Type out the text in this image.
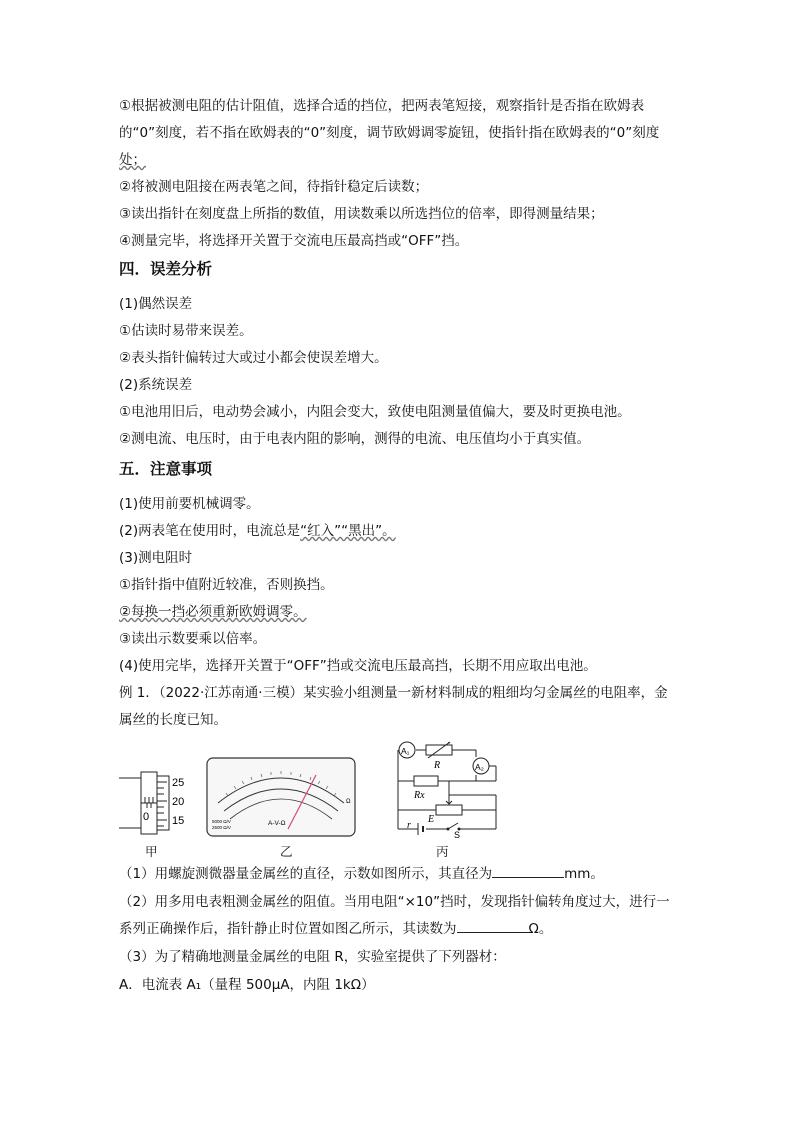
①根据被测电阻的估计阻值，选择合适的挡位，把两表笔短接，观察指针是否指在欧姆表
的“0”刻度，若不指在欧姆表的“0”刻度，调节欧姆调零旋钮，使指针指在欧姆表的“0”刻度
处；
②将被测电阻接在两表笔之间，待指针稳定后读数；
③读出指针在刻度盘上所指的数值，用读数乘以所选挡位的倍率，即得测量结果；
④测量完毕，将选择开关置于交流电压最高挡或“OFF”挡。
四．误差分析
(1)偶然误差
①估读时易带来误差。
②表头指针偏转过大或过小都会使误差增大。
(2)系统误差
①电池用旧后，电动势会减小，内阻会变大，致使电阻测量值偏大，要及时更换电池。
②测电流、电压时，由于电表内阻的影响，测得的电流、电压值均小于真实值。
五．注意事项
(1)使用前要机械调零。
(2)两表笔在使用时，电流总是“红入”“黑出”。
(3)测电阻时
①指针指中值附近较准，否则换挡。
②每换一挡必须重新欧姆调零。
③读出示数要乘以倍率。
(4)使用完毕，选择开关置于“OFF”挡或交流电压最高挡，长期不用应取出电池。
例 1．（2022·江苏南通·三模）某实验小组测量一新材料制成的粗细均匀金属丝的电阻率，金
属丝的长度已知。
25
20
15
0
甲
A-V-Ω
5000 Ω/V
2500 Ω/V
Ω
乙
A₁
A₂
R
Rx
r
E
S
丙
（1）用螺旋测微器量金属丝的直径，示数如图所示，其直径为	mm。
（2）用多用电表粗测金属丝的阻值。当用电阻“×10”挡时，发现指针偏转角度过大，进行一
系列正确操作后，指针静止时位置如图乙所示，其读数为	Ω。
（3）为了精确地测量金属丝的电阻 R，实验室提供了下列器材：
A．电流表 A₁（量程 500μA，内阻 1kΩ）
